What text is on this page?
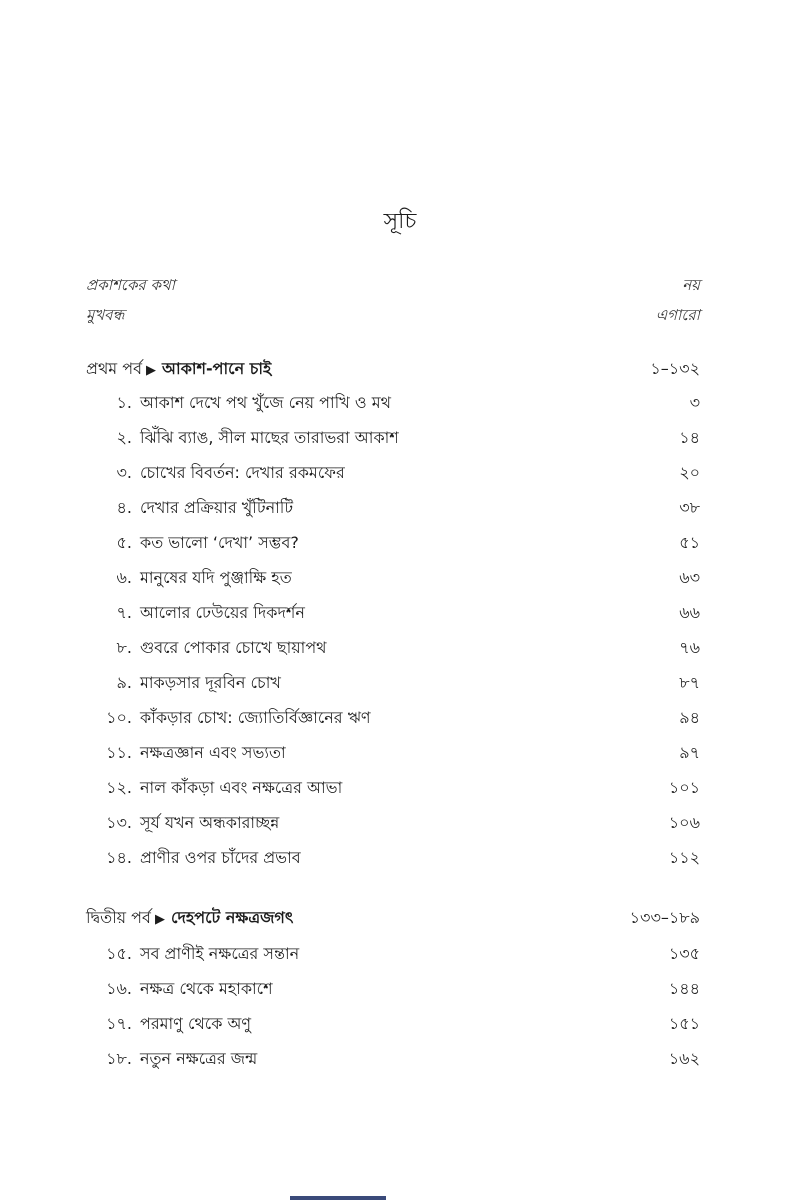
সূচি
প্রকাশকের কথা	নয়
মুখবন্ধ	এগারো
প্রথম পর্ব ▶ আকাশ-পানে চাই	১–১৩২
১. আকাশ দেখে পথ খুঁজে নেয় পাখি ও মথ	৩
২. ঝিঁঝি ব্যাঙ, সীল মাছের তারাভরা আকাশ	১৪
৩. চোখের বিবর্তন: দেখার রকমফের	২০
৪. দেখার প্রক্রিয়ার খুঁটিনাটি	৩৮
৫. কত ভালো ‘দেখা’ সম্ভব?	৫১
৬. মানুষের যদি পুঞ্জাক্ষি হত	৬৩
৭. আলোর ঢেউয়ের দিকদর্শন	৬৬
৮. গুবরে পোকার চোখে ছায়াপথ	৭৬
৯. মাকড়সার দূরবিন চোখ	৮৭
১০. কাঁকড়ার চোখ: জ্যোতির্বিজ্ঞানের ঋণ	৯৪
১১. নক্ষত্রজ্ঞান এবং সভ্যতা	৯৭
১২. নাল কাঁকড়া এবং নক্ষত্রের আভা	১০১
১৩. সূর্য যখন অন্ধকারাচ্ছন্ন	১০৬
১৪. প্রাণীর ওপর চাঁদের প্রভাব	১১২
দ্বিতীয় পর্ব ▶ দেহপটে নক্ষত্রজগৎ	১৩৩–১৮৯
১৫. সব প্রাণীই নক্ষত্রের সন্তান	১৩৫
১৬. নক্ষত্র থেকে মহাকাশে	১৪৪
১৭. পরমাণু থেকে অণু	১৫১
১৮. নতুন নক্ষত্রের জন্ম	১৬২
